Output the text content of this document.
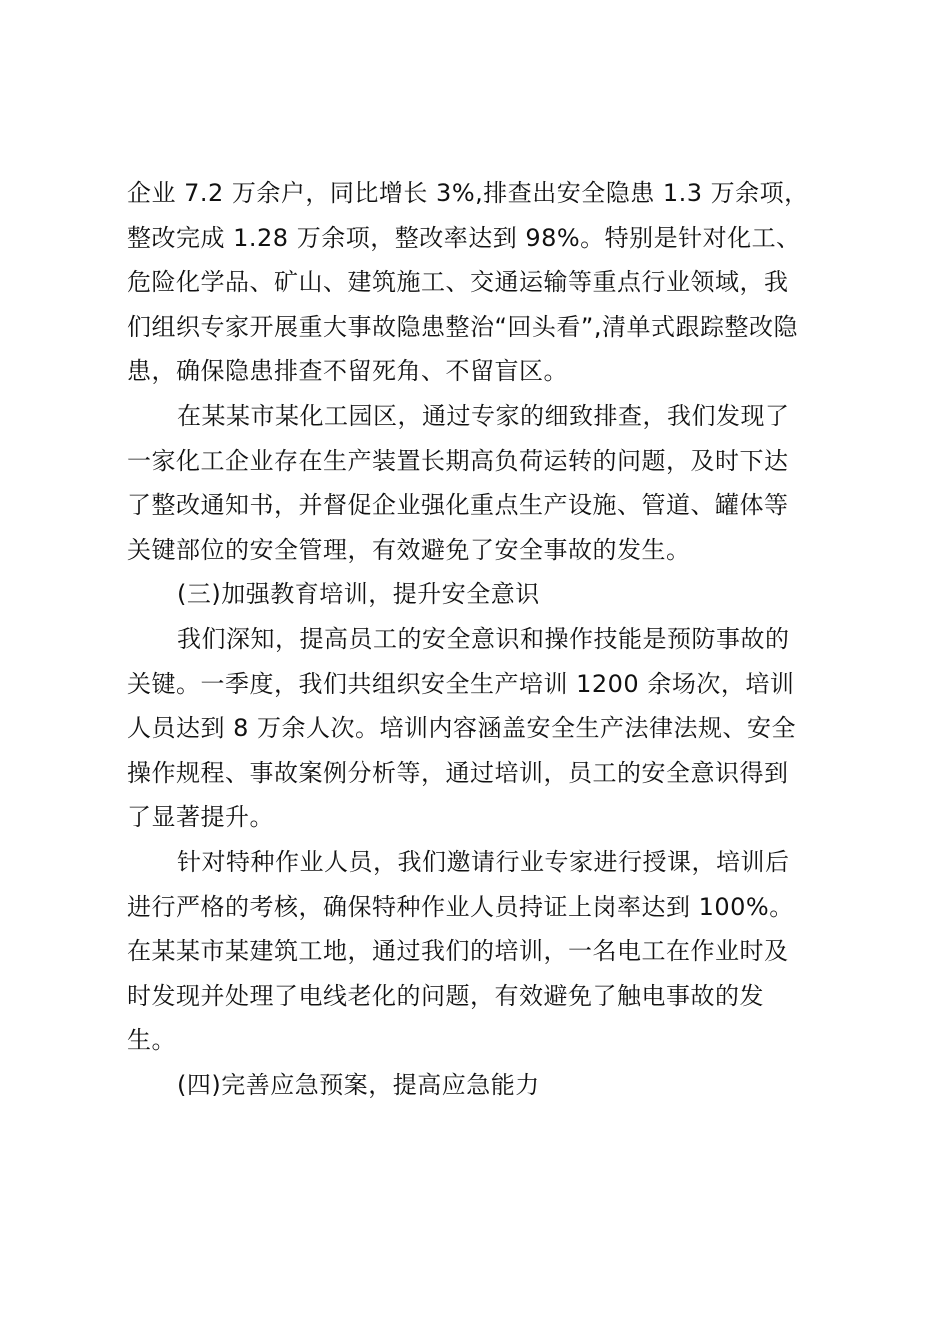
企业 7.2 万余户，同比增长 3%,排查出安全隐患 1.3 万余项，
整改完成 1.28 万余项，整改率达到 98%。特别是针对化工、
危险化学品、矿山、建筑施工、交通运输等重点行业领域，我
们组织专家开展重大事故隐患整治“回头看”,清单式跟踪整改隐
患，确保隐患排查不留死角、不留盲区。
在某某市某化工园区，通过专家的细致排查，我们发现了
一家化工企业存在生产装置长期高负荷运转的问题，及时下达
了整改通知书，并督促企业强化重点生产设施、管道、罐体等
关键部位的安全管理，有效避免了安全事故的发生。
(三)加强教育培训，提升安全意识
我们深知，提高员工的安全意识和操作技能是预防事故的
关键。一季度，我们共组织安全生产培训 1200 余场次，培训
人员达到 8 万余人次。培训内容涵盖安全生产法律法规、安全
操作规程、事故案例分析等，通过培训，员工的安全意识得到
了显著提升。
针对特种作业人员，我们邀请行业专家进行授课，培训后
进行严格的考核，确保特种作业人员持证上岗率达到 100%。
在某某市某建筑工地，通过我们的培训，一名电工在作业时及
时发现并处理了电线老化的问题，有效避免了触电事故的发
生。
(四)完善应急预案，提高应急能力
